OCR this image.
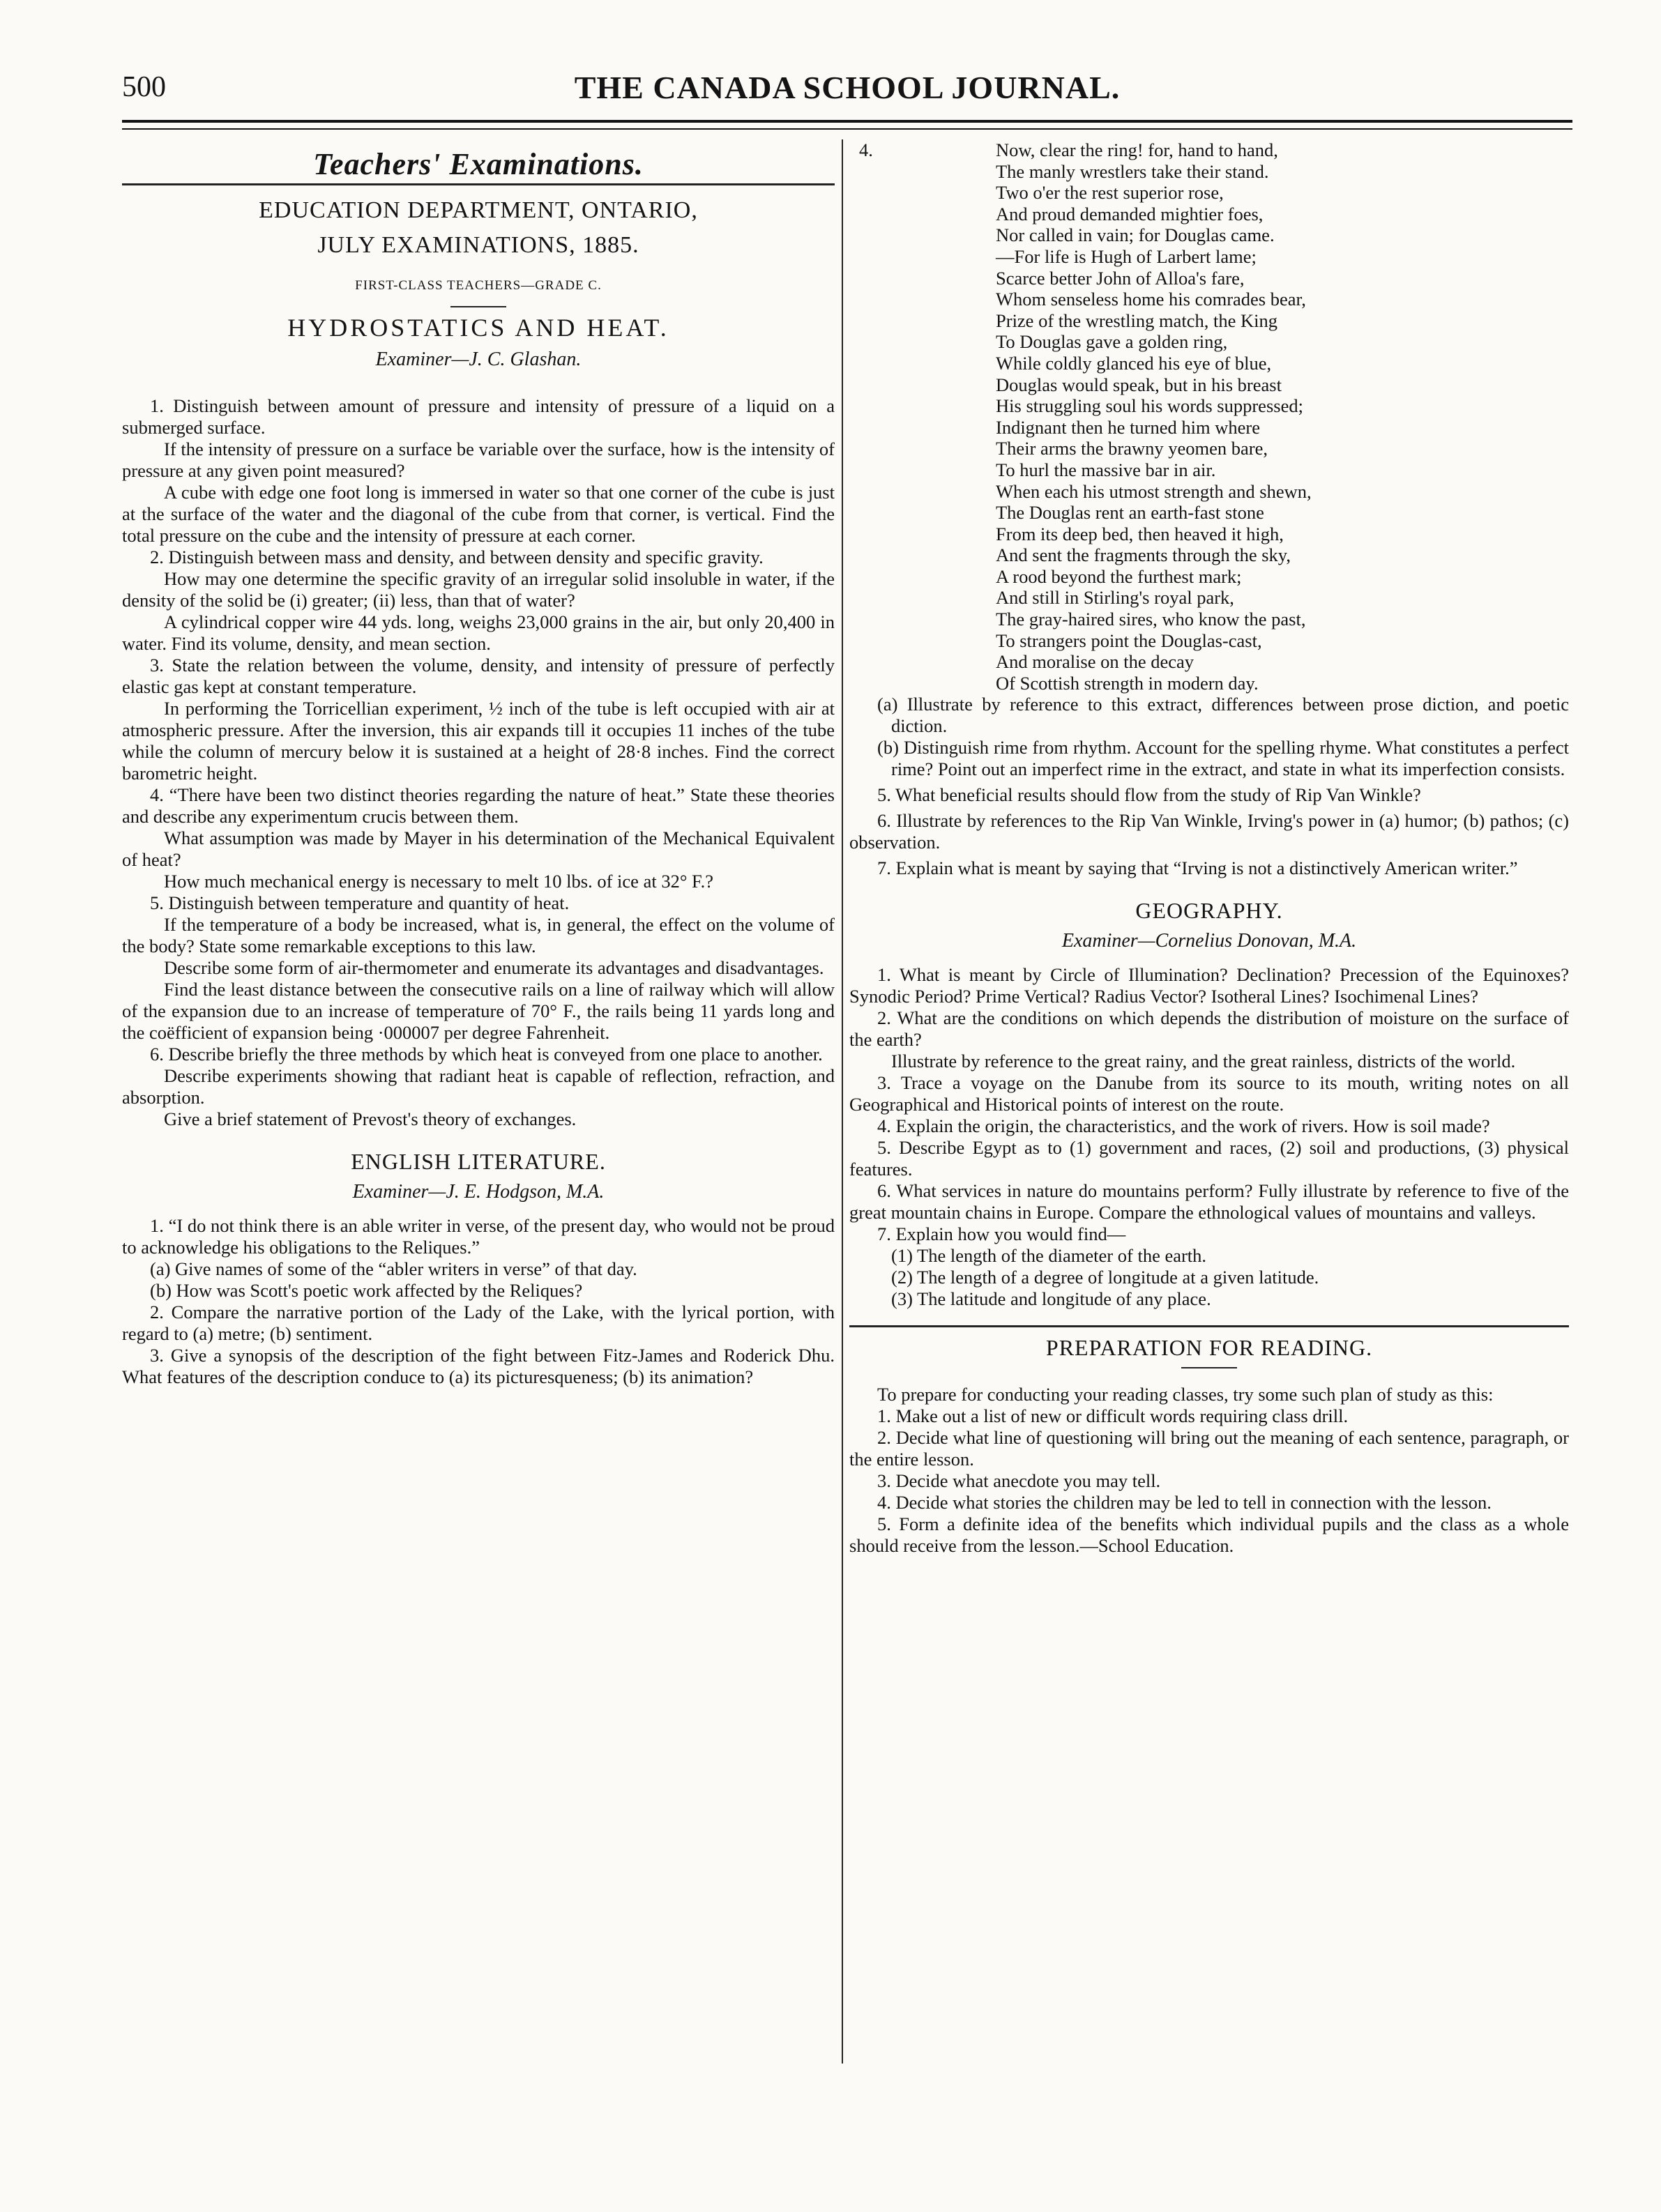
500	THE CANADA SCHOOL JOURNAL.
Teachers' Examinations.
EDUCATION DEPARTMENT, ONTARIO,
JULY EXAMINATIONS, 1885.
FIRST-CLASS TEACHERS—GRADE C.
HYDROSTATICS AND HEAT.
Examiner—J. C. Glashan.

1. Distinguish between amount of pressure and intensity of pressure of a liquid on a submerged surface.

If the intensity of pressure on a surface be variable over the surface, how is the intensity of pressure at any given point measured?

A cube with edge one foot long is immersed in water so that one corner of the cube is just at the surface of the water and the diagonal of the cube from that corner, is vertical. Find the total pressure on the cube and the intensity of pressure at each corner.

2. Distinguish between mass and density, and between density and specific gravity.

How may one determine the specific gravity of an irregular solid insoluble in water, if the density of the solid be (i) greater; (ii) less, than that of water?

A cylindrical copper wire 44 yds. long, weighs 23,000 grains in the air, but only 20,400 in water. Find its volume, density, and mean section.

3. State the relation between the volume, density, and intensity of pressure of perfectly elastic gas kept at constant temperature.

In performing the Torricellian experiment, ½ inch of the tube is left occupied with air at atmospheric pressure. After the inversion, this air expands till it occupies 11 inches of the tube while the column of mercury below it is sustained at a height of 28·8 inches. Find the correct barometric height.

4. “There have been two distinct theories regarding the nature of heat.” State these theories and describe any experimentum crucis between them.

What assumption was made by Mayer in his determination of the Mechanical Equivalent of heat?

How much mechanical energy is necessary to melt 10 lbs. of ice at 32° F.?

5. Distinguish between temperature and quantity of heat.

If the temperature of a body be increased, what is, in general, the effect on the volume of the body? State some remarkable exceptions to this law.

Describe some form of air-thermometer and enumerate its advantages and disadvantages.

Find the least distance between the consecutive rails on a line of railway which will allow of the expansion due to an increase of temperature of 70° F., the rails being 11 yards long and the coëfficient of expansion being ·000007 per degree Fahrenheit.

6. Describe briefly the three methods by which heat is conveyed from one place to another.

Describe experiments showing that radiant heat is capable of reflection, refraction, and absorption.

Give a brief statement of Prevost's theory of exchanges.

ENGLISH LITERATURE.
Examiner—J. E. Hodgson, M.A.

1. “I do not think there is an able writer in verse, of the present day, who would not be proud to acknowledge his obligations to the Reliques.”

(a) Give names of some of the “abler writers in verse” of that day.

(b) How was Scott's poetic work affected by the Reliques?

2. Compare the narrative portion of the Lady of the Lake, with the lyrical portion, with regard to (a) metre; (b) sentiment.

3. Give a synopsis of the description of the fight between Fitz-James and Roderick Dhu. What features of the description conduce to (a) its picturesqueness; (b) its animation?

4.	Now, clear the ring! for, hand to hand,
The manly wrestlers take their stand.
Two o'er the rest superior rose,
And proud demanded mightier foes,
Nor called in vain; for Douglas came.
—For life is Hugh of Larbert lame;
Scarce better John of Alloa's fare,
Whom senseless home his comrades bear,
Prize of the wrestling match, the King
To Douglas gave a golden ring,
While coldly glanced his eye of blue,
Douglas would speak, but in his breast
His struggling soul his words suppressed;
Indignant then he turned him where
Their arms the brawny yeomen bare,
To hurl the massive bar in air.
When each his utmost strength and shewn,
The Douglas rent an earth-fast stone
From its deep bed, then heaved it high,
And sent the fragments through the sky,
A rood beyond the furthest mark;
And still in Stirling's royal park,
The gray-haired sires, who know the past,
To strangers point the Douglas-cast,
And moralise on the decay
Of Scottish strength in modern day.

(a) Illustrate by reference to this extract, differences between prose diction, and poetic diction.

(b) Distinguish rime from rhythm. Account for the spelling rhyme. What constitutes a perfect rime? Point out an imperfect rime in the extract, and state in what its imperfection consists.

5. What beneficial results should flow from the study of Rip Van Winkle?

6. Illustrate by references to the Rip Van Winkle, Irving's power in (a) humor; (b) pathos; (c) observation.

7. Explain what is meant by saying that “Irving is not a distinctively American writer.”

GEOGRAPHY.
Examiner—Cornelius Donovan, M.A.

1. What is meant by Circle of Illumination? Declination? Precession of the Equinoxes? Synodic Period? Prime Vertical? Radius Vector? Isotheral Lines? Isochimenal Lines?

2. What are the conditions on which depends the distribution of moisture on the surface of the earth?

Illustrate by reference to the great rainy, and the great rainless, districts of the world.

3. Trace a voyage on the Danube from its source to its mouth, writing notes on all Geographical and Historical points of interest on the route.

4. Explain the origin, the characteristics, and the work of rivers. How is soil made?

5. Describe Egypt as to (1) government and races, (2) soil and productions, (3) physical features.

6. What services in nature do mountains perform? Fully illustrate by reference to five of the great mountain chains in Europe. Compare the ethnological values of mountains and valleys.

7. Explain how you would find—

(1) The length of the diameter of the earth.

(2) The length of a degree of longitude at a given latitude.

(3) The latitude and longitude of any place.

PREPARATION FOR READING.

To prepare for conducting your reading classes, try some such plan of study as this:

1. Make out a list of new or difficult words requiring class drill.

2. Decide what line of questioning will bring out the meaning of each sentence, paragraph, or the entire lesson.

3. Decide what anecdote you may tell.

4. Decide what stories the children may be led to tell in connection with the lesson.

5. Form a definite idea of the benefits which individual pupils and the class as a whole should receive from the lesson.—School Education.
